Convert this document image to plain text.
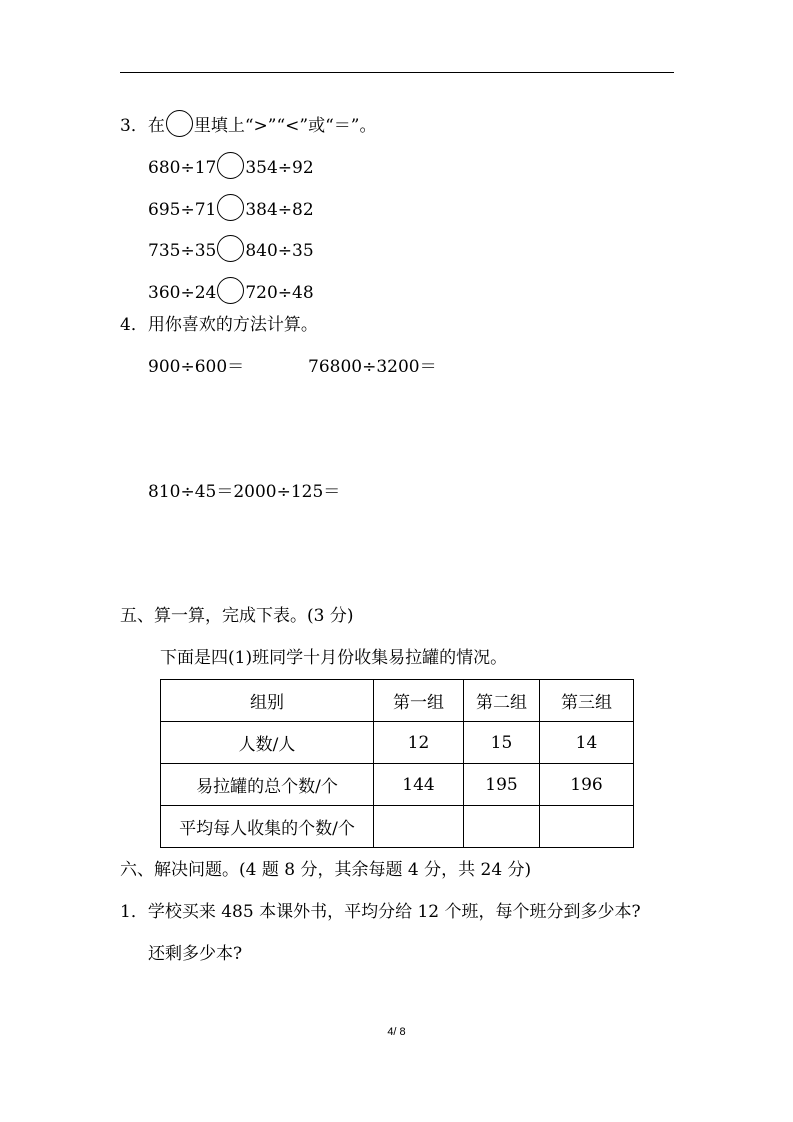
3．在 里填上“>”“<”或“＝”。
680÷17 354÷92
695÷71 384÷82
735÷35 840÷35
360÷24 720÷48
4．用你喜欢的方法计算。
900÷600＝	76800÷3200＝
810÷45＝2000÷125＝
五、算一算，完成下表。(3 分)
下面是四(1)班同学十月份收集易拉罐的情况。
组别	第一组	第二组	第三组
人数/人	12	15	14
易拉罐的总个数/个	144	195	196
平均每人收集的个数/个			
六、解决问题。(4 题 8 分，其余每题 4 分，共 24 分)
1．学校买来 485 本课外书，平均分给 12 个班，每个班分到多少本?
还剩多少本?
4/ 8
